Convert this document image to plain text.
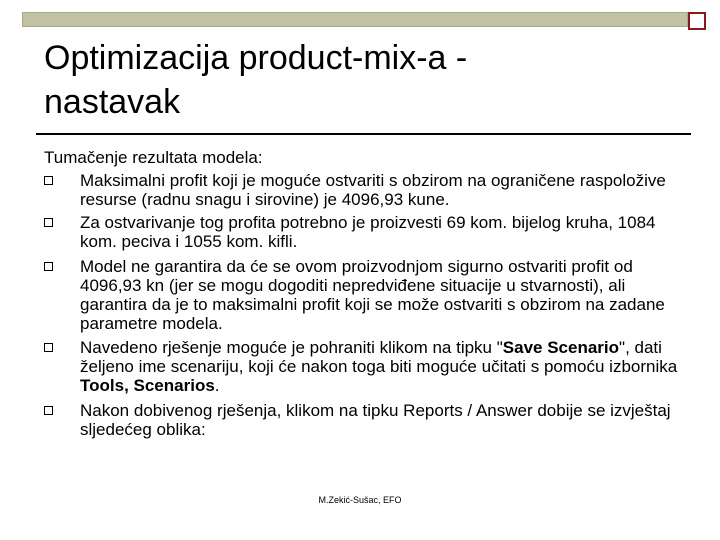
Optimizacija product-mix-a -
nastavak
Tumačenje rezultata modela:
Maksimalni profit koji je moguće ostvariti s obzirom na ograničene raspoložive resurse (radnu snagu i sirovine) je 4096,93 kune.
Za ostvarivanje tog profita potrebno je proizvesti 69 kom. bijelog kruha, 1084 kom. peciva i 1055 kom. kifli.
Model ne garantira da će se ovom proizvodnjom sigurno ostvariti profit od 4096,93 kn (jer se mogu dogoditi nepredviđene situacije u stvarnosti), ali garantira da je to maksimalni profit koji se može ostvariti s obzirom na zadane parametre modela.
Navedeno rješenje moguće je pohraniti klikom na tipku "Save Scenario", dati željeno ime scenariju, koji će nakon toga biti moguće učitati s pomoću izbornika Tools, Scenarios.
Nakon dobivenog rješenja, klikom na tipku Reports / Answer dobije se izvještaj sljedećeg oblika:
M.Zekić-Sušac, EFO
